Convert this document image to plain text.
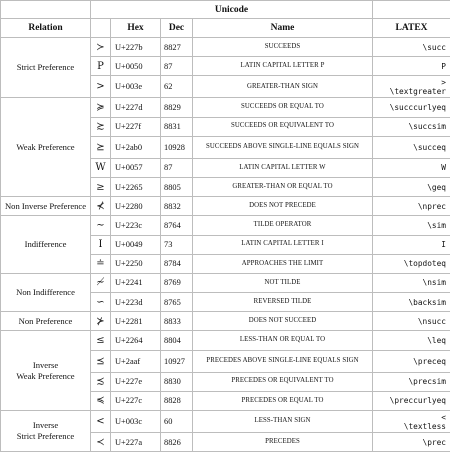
	Unicode				
Relation		Hex	Dec	Name	LATEX
Strict Preference	≻	U+227b	8827	SUCCEEDS	\succ
	P	U+0050	87	LATIN CAPITAL LETTER P	P
	>	U+003e	62	GREATER-THAN SIGN	>
\textgreater
Weak Preference	≽	U+227d	8829	SUCCEEDS OR EQUAL TO	\succcurlyeq
	≿	U+227f	8831	SUCCEEDS OR EQUIVALENT TO	\succsim
	⪰	U+2ab0	10928	SUCCEEDS ABOVE SINGLE-LINE EQUALS SIGN	\succeq
	W	U+0057	87	LATIN CAPITAL LETTER W	W
	≥	U+2265	8805	GREATER-THAN OR EQUAL TO	\geq
Non Inverse Preference	⊀	U+2280	8832	DOES NOT PRECEDE	\nprec
Indifference	∼	U+223c	8764	TILDE OPERATOR	\sim
	I	U+0049	73	LATIN CAPITAL LETTER I	I
	≐	U+2250	8784	APPROACHES THE LIMIT	\topdoteq
Non Indifference	≁	U+2241	8769	NOT TILDE	\nsim
	∽	U+223d	8765	REVERSED TILDE	\backsim
Non Preference	⊁	U+2281	8833	DOES NOT SUCCEED	\nsucc
Inverse
Weak Preference	≤	U+2264	8804	LESS-THAN OR EQUAL TO	\leq
	⪯	U+2aaf	10927	PRECEDES ABOVE SINGLE-LINE EQUALS SIGN	\preceq
	≾	U+227e	8830	PRECEDES OR EQUIVALENT TO	\precsim
	≼	U+227c	8828	PRECEDES OR EQUAL TO	\preccurlyeq
Inverse
Strict Preference	<	U+003c	60	LESS-THAN SIGN	<
\textless
	≺	U+227a	8826	PRECEDES	\prec
